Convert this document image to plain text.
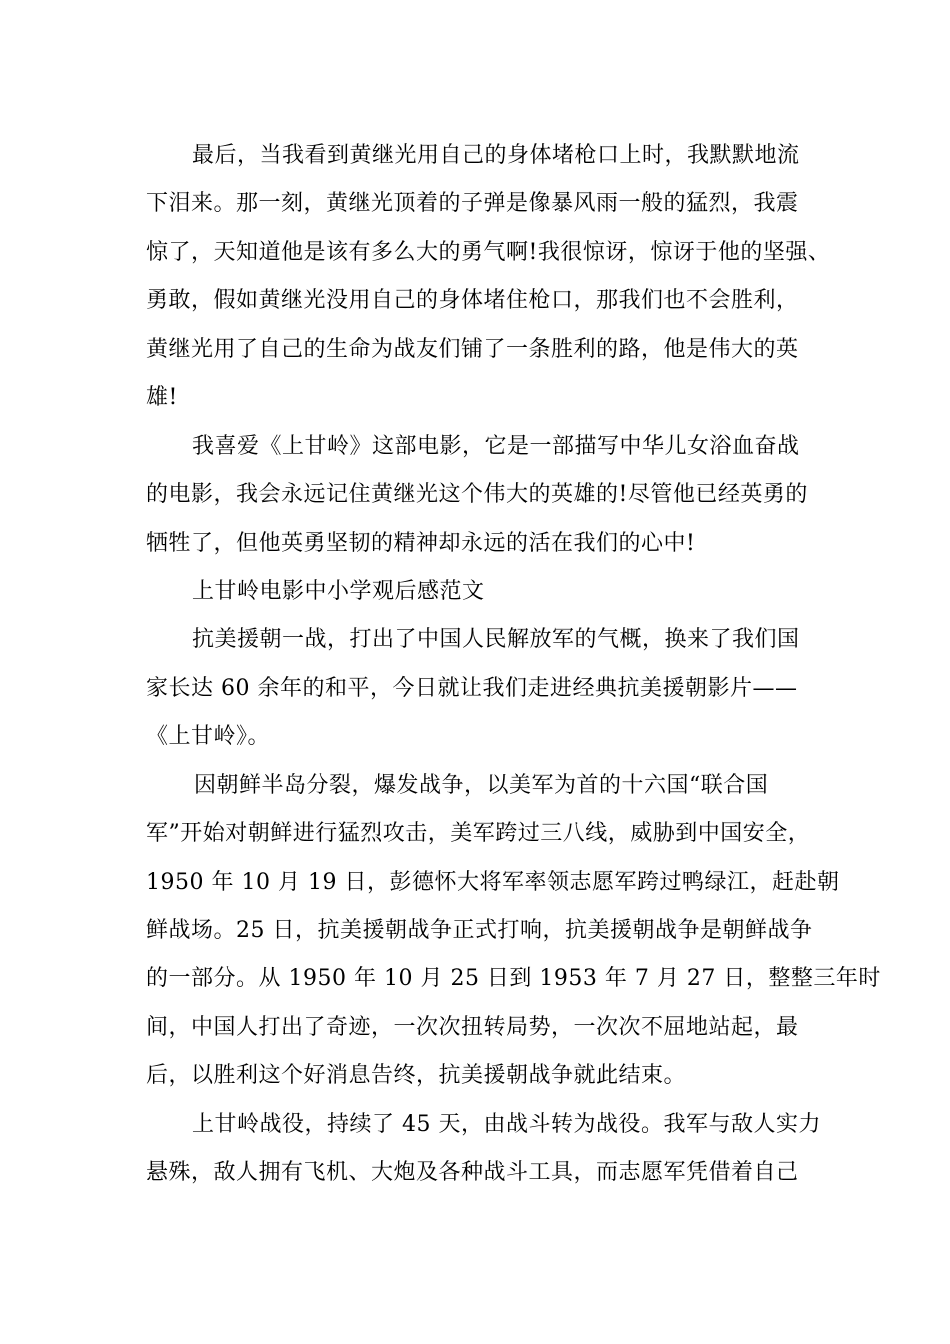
最后，当我看到黄继光用自己的身体堵枪口上时，我默默地流
下泪来。那一刻，黄继光顶着的子弹是像暴风雨一般的猛烈，我震
惊了，天知道他是该有多么大的勇气啊!我很惊讶，惊讶于他的坚强、
勇敢，假如黄继光没用自己的身体堵住枪口，那我们也不会胜利，
黄继光用了自己的生命为战友们铺了一条胜利的路，他是伟大的英
雄!
我喜爱《上甘岭》这部电影，它是一部描写中华儿女浴血奋战
的电影，我会永远记住黄继光这个伟大的英雄的!尽管他已经英勇的
牺牲了，但他英勇坚韧的精神却永远的活在我们的心中!
上甘岭电影中小学观后感范文
抗美援朝一战，打出了中国人民解放军的气概，换来了我们国
家长达 60 余年的和平，今日就让我们走进经典抗美援朝影片——
《上甘岭》。
因朝鲜半岛分裂，爆发战争，以美军为首的十六国“联合国
军”开始对朝鲜进行猛烈攻击，美军跨过三八线，威胁到中国安全，
1950 年 10 月 19 日，彭德怀大将军率领志愿军跨过鸭绿江，赶赴朝
鲜战场。25 日，抗美援朝战争正式打响，抗美援朝战争是朝鲜战争
的一部分。从 1950 年 10 月 25 日到 1953 年 7 月 27 日，整整三年时
间，中国人打出了奇迹，一次次扭转局势，一次次不屈地站起，最
后，以胜利这个好消息告终，抗美援朝战争就此结束。
上甘岭战役，持续了 45 天，由战斗转为战役。我军与敌人实力
悬殊，敌人拥有飞机、大炮及各种战斗工具，而志愿军凭借着自己
